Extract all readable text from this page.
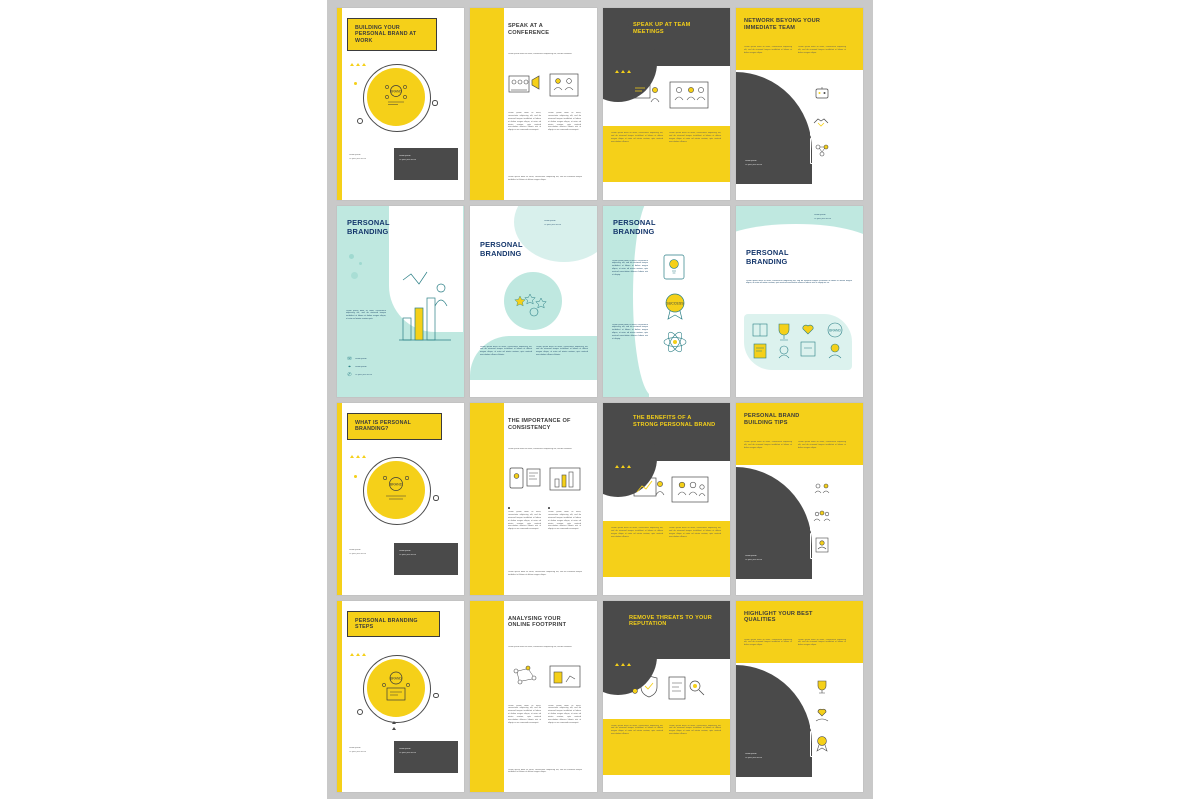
BUILDING YOUR PERSONAL BRAND AT WORK
BRAND
Lorem ipsum
+0 (000) 000 00 00
Lorem ipsum
+0 (000) 000 00 00
SPEAK AT A CONFERENCE
Lorem ipsum dolor sit amet, consectetur adipiscing elit, sed do eiusmod.
Lorem ipsum dolor sit amet, consectetur adipiscing elit, sed do eiusmod tempor incididunt ut labore et dolore magna aliqua, ut enim ad minim veniam, quis nostrud exercitation ullamco laboris nisi ut aliquip ex ea commodo consequat.
Lorem ipsum dolor sit amet, consectetur adipiscing elit, sed do eiusmod tempor incididunt ut labore et dolore magna aliqua, ut enim ad minim veniam, quis nostrud exercitation ullamco laboris nisi ut aliquip ex ea commodo consequat.
Lorem ipsum dolor sit amet, consectetur adipiscing elit, sed do eiusmod tempor incididunt ut labore et dolore magna aliqua.
SPEAK UP AT TEAM MEETINGS
Lorem ipsum dolor sit amet, consectetur adipiscing elit, sed do eiusmod tempor incididunt ut labore et dolore magna aliqua ut enim ad minim veniam, quis nostrud exercitation ullamco.
Lorem ipsum dolor sit amet, consectetur adipiscing elit, sed do eiusmod tempor incididunt ut labore et dolore magna aliqua ut enim ad minim veniam, quis nostrud exercitation ullamco.
NETWORK BEYONG YOUR IMMEDIATE TEAM
Lorem ipsum dolor sit amet, consectetur adipiscing elit, sed do eiusmod tempor incididunt ut labore et dolore magna aliqua.
Lorem ipsum dolor sit amet, consectetur adipiscing elit, sed do eiusmod tempor incididunt ut labore et dolore magna aliqua.
Lorem ipsum
+0 (000) 000 00 00
PERSONAL BRANDING
Lorem ipsum dolor sit amet, consectetur adipiscing elit, sed do eiusmod tempor incididunt ut labore et dolore magna aliqua, ut enim ad minim veniam quis.
✉	Lorem ipsum
⌖	Lorem ipsum
✆	+0 (000) 000 00 00
PERSONAL BRANDING
Lorem ipsum
+0 (000) 000 00 00
Lorem ipsum dolor sit amet, consectetur adipiscing elit, sed do eiusmod tempor incididunt ut labore et dolore magna aliqua, ut enim ad minim veniam, quis nostrud exercitation ullamco laboris.
Lorem ipsum dolor sit amet, consectetur adipiscing elit, sed do eiusmod tempor incididunt ut labore et dolore magna aliqua, ut enim ad minim veniam, quis nostrud exercitation ullamco laboris.
PERSONAL BRANDING
Lorem ipsum dolor sit amet, consectetur adipiscing elit, sed do eiusmod tempor incididunt ut labore et dolore magna aliqua, ut enim ad minim veniam, quis nostrud exercitation ullamco laboris nisi ut aliquip.
Lorem ipsum dolor sit amet, consectetur adipiscing elit, sed do eiusmod tempor incididunt ut labore et dolore magna aliqua, ut enim ad minim veniam, quis nostrud exercitation ullamco laboris nisi ut aliquip.
SUCCESS
Lorem ipsum
+0 (000) 000 00 00
PERSONAL BRANDING
Lorem ipsum dolor sit amet, consectetur adipiscing elit, sed do eiusmod tempor incididunt ut labore et dolore magna aliqua, ut enim ad minim veniam, quis nostrud exercitation ullamco laboris nisi ut aliquip ex ea.
BRAND
WHAT IS PERSONAL BRANDING?
BRAND
Lorem ipsum
+0 (000) 000 00 00
Lorem ipsum
+0 (000) 000 00 00
THE IMPORTANCE OF CONSISTENCY
Lorem ipsum dolor sit amet, consectetur adipiscing elit, sed do eiusmod.
Lorem ipsum dolor sit amet, consectetur adipiscing elit, sed do eiusmod tempor incididunt ut labore et dolore magna aliqua, ut enim ad minim veniam, quis nostrud exercitation ullamco laboris nisi ut aliquip ex ea commodo consequat.
Lorem ipsum dolor sit amet, consectetur adipiscing elit, sed do eiusmod tempor incididunt ut labore et dolore magna aliqua, ut enim ad minim veniam, quis nostrud exercitation ullamco laboris nisi ut aliquip ex ea commodo consequat.
Lorem ipsum dolor sit amet, consectetur adipiscing elit, sed do eiusmod tempor incididunt ut labore et dolore magna aliqua.
THE BENEFITS OF A STRONG PERSONAL BRAND
Lorem ipsum dolor sit amet, consectetur adipiscing elit, sed do eiusmod tempor incididunt ut labore et dolore magna aliqua ut enim ad minim veniam, quis nostrud exercitation ullamco.
Lorem ipsum dolor sit amet, consectetur adipiscing elit, sed do eiusmod tempor incididunt ut labore et dolore magna aliqua ut enim ad minim veniam, quis nostrud exercitation ullamco.
PERSONAL BRAND BUILDING TIPS
Lorem ipsum dolor sit amet, consectetur adipiscing elit, sed do eiusmod tempor incididunt ut labore et dolore magna aliqua.
Lorem ipsum dolor sit amet, consectetur adipiscing elit, sed do eiusmod tempor incididunt ut labore et dolore magna aliqua.
Lorem ipsum
+0 (000) 000 00 00
PERSONAL BRANDING STEPS
BRAND
Lorem ipsum
+0 (000) 000 00 00
Lorem ipsum
+0 (000) 000 00 00
ANALYSING YOUR ONLINE FOOTPRINT
Lorem ipsum dolor sit amet, consectetur adipiscing elit, sed do eiusmod.
Lorem ipsum dolor sit amet, consectetur adipiscing elit, sed do eiusmod tempor incididunt ut labore et dolore magna aliqua, ut enim ad minim veniam, quis nostrud exercitation ullamco laboris nisi ut aliquip ex ea commodo consequat.
Lorem ipsum dolor sit amet, consectetur adipiscing elit, sed do eiusmod tempor incididunt ut labore et dolore magna aliqua, ut enim ad minim veniam, quis nostrud exercitation ullamco laboris nisi ut aliquip ex ea commodo consequat.
Lorem ipsum dolor sit amet, consectetur adipiscing elit, sed do eiusmod tempor incididunt ut labore et dolore magna aliqua.
REMOVE THREATS TO YOUR REPUTATION
Lorem ipsum dolor sit amet, consectetur adipiscing elit, sed do eiusmod tempor incididunt ut labore et dolore magna aliqua ut enim ad minim veniam, quis nostrud exercitation ullamco.
Lorem ipsum dolor sit amet, consectetur adipiscing elit, sed do eiusmod tempor incididunt ut labore et dolore magna aliqua ut enim ad minim veniam, quis nostrud exercitation ullamco.
HIGHLIGHT YOUR BEST QUALITIES
Lorem ipsum dolor sit amet, consectetur adipiscing elit, sed do eiusmod tempor incididunt ut labore et dolore magna aliqua.
Lorem ipsum dolor sit amet, consectetur adipiscing elit, sed do eiusmod tempor incididunt ut labore et dolore magna aliqua.
Lorem ipsum
+0 (000) 000 00 00
